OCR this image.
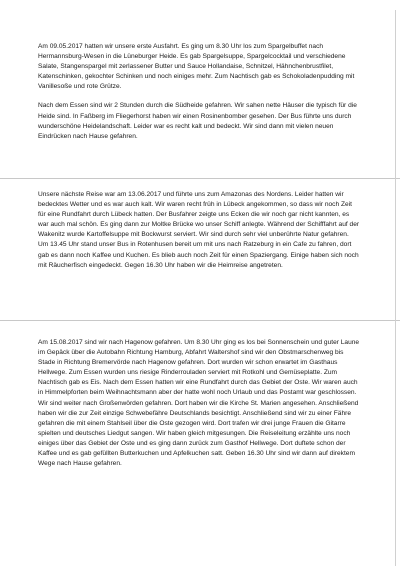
Am 09.05.2017 hatten wir unsere erste Ausfahrt. Es ging um 8.30 Uhr los zum Spargelbuffet nach Hermannsburg-Wesen in die Lüneburger Heide. Es gab Spargelsuppe, Spargelcocktail und verschiedene Salate, Stangenspargel mit zerlassener Butter und Sauce Hollandaise, Schnitzel, Hähnchenbrustfilet, Katenschinken, gekochter Schinken und noch einiges mehr. Zum Nachtisch gab es Schokoladenpudding mit Vanillesoße und rote Grütze.

Nach dem Essen sind wir 2 Stunden durch die Südheide gefahren. Wir sahen nette Häuser die typisch für die Heide sind. In Faßberg im Fliegerhorst haben wir einen Rosinenbomber gesehen. Der Bus führte uns durch wunderschöne Heidelandschaft. Leider war es recht kalt und bedeckt. Wir sind dann mit vielen neuen Eindrücken nach Hause gefahren.

Unsere nächste Reise war am 13.06.2017 und führte uns zum Amazonas des Nordens. Leider hatten wir bedecktes Wetter und es war auch kalt. Wir waren recht früh in Lübeck angekommen, so dass wir noch Zeit für eine Rundfahrt durch Lübeck hatten. Der Busfahrer zeigte uns Ecken die wir noch gar nicht kannten, es war auch mal schön. Es ging dann zur Moltke Brücke wo unser Schiff anlegte. Während der Schifffahrt auf der Wakenitz wurde Kartoffelsuppe mit Bockwurst serviert. Wir sind durch sehr viel unberührte Natur gefahren. Um 13.45 Uhr stand unser Bus in Rotenhusen bereit um mit uns nach Ratzeburg in ein Cafe zu fahren, dort gab es dann noch Kaffee und Kuchen. Es blieb auch noch Zeit für einen Spaziergang. Einige haben sich noch mit Räucherfisch eingedeckt. Gegen 16.30 Uhr haben wir die Heimreise angetreten.

Am 15.08.2017 sind wir nach Hagenow gefahren. Um 8.30 Uhr ging es los bei Sonnenschein und guter Laune im Gepäck über die Autobahn Richtung Hamburg, Abfahrt Waltershof sind wir den Obstmarschenweg bis Stade in Richtung Bremervörde nach Hagenow gefahren. Dort wurden wir schon erwartet im Gasthaus Hellwege. Zum Essen wurden uns riesige Rinderrouladen serviert mit Rotkohl und Gemüseplatte. Zum Nachtisch gab es Eis. Nach dem Essen hatten wir eine Rundfahrt durch das Gebiet der Oste. Wir waren auch in Himmelpforten beim Weihnachtsmann aber der hatte wohl noch Urlaub und das Postamt war geschlossen. Wir sind weiter nach Großenwörden gefahren. Dort haben wir die Kirche St. Marien angesehen. Anschließend haben wir die zur Zeit einzige Schwebefähre Deutschlands besichtigt. Anschließend sind wir zu einer Fähre gefahren die mit einem Stahlseil über die Oste gezogen wird. Dort trafen wir drei junge Frauen die Gitarre spielten und deutsches Liedgut sangen. Wir haben gleich mitgesungen. Die Reiseleitung erzählte uns noch einiges über das Gebiet der Oste und es ging dann zurück zum Gasthof Hellwege. Dort duftete schon der Kaffee und es gab gefüllten Butterkuchen und Apfelkuchen satt. Geben 16.30 Uhr sind wir dann auf direktem Wege nach Hause gefahren.
